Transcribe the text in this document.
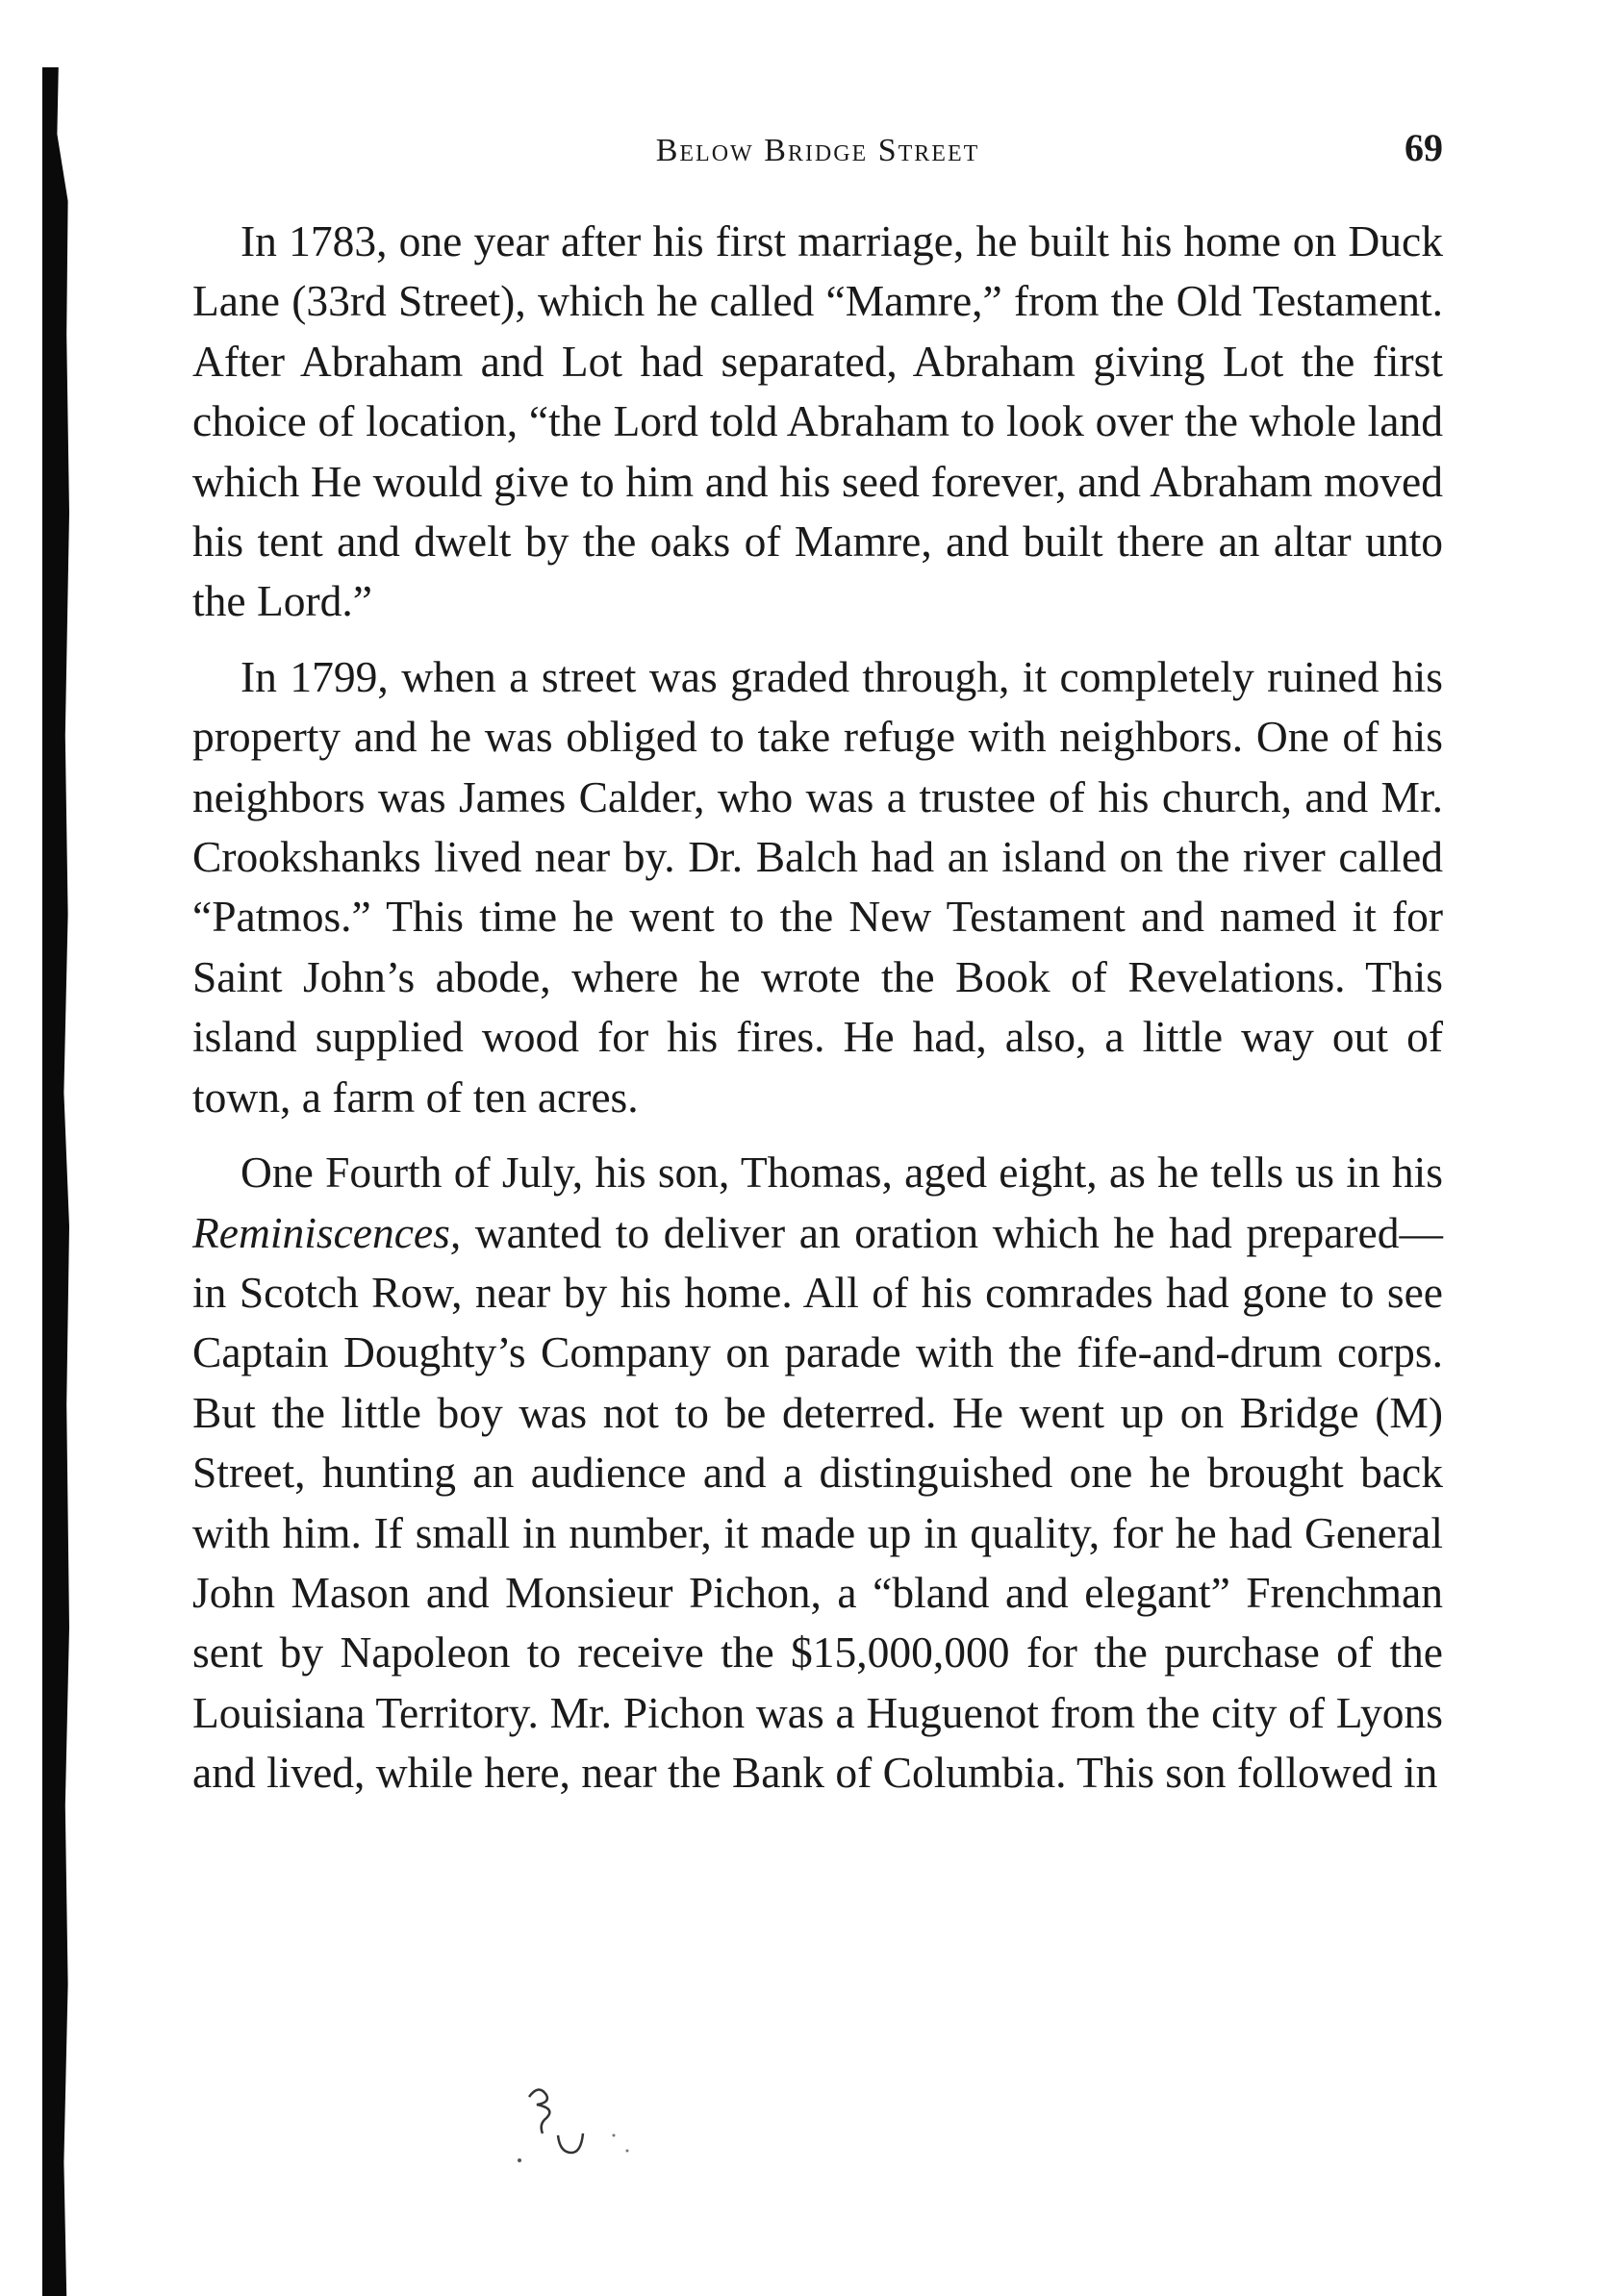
Below Bridge Street	69

In 1783, one year after his first marriage, he built his home on Duck Lane (33rd Street), which he called “Mamre,” from the Old Testament. After Abraham and Lot had separated, Abraham giving Lot the first choice of location, “the Lord told Abraham to look over the whole land which He would give to him and his seed forever, and Abraham moved his tent and dwelt by the oaks of Mamre, and built there an altar unto the Lord.”

In 1799, when a street was graded through, it completely ruined his property and he was obliged to take refuge with neighbors. One of his neighbors was James Calder, who was a trustee of his church, and Mr. Crookshanks lived near by. Dr. Balch had an island on the river called “Patmos.” This time he went to the New Testament and named it for Saint John’s abode, where he wrote the Book of Revelations. This island supplied wood for his fires. He had, also, a little way out of town, a farm of ten acres.

One Fourth of July, his son, Thomas, aged eight, as he tells us in his Reminiscences, wanted to deliver an oration which he had prepared—in Scotch Row, near by his home. All of his comrades had gone to see Captain Doughty’s Company on parade with the fife-and-drum corps. But the little boy was not to be deterred. He went up on Bridge (M) Street, hunting an audience and a distinguished one he brought back with him. If small in number, it made up in quality, for he had General John Mason and Monsieur Pichon, a “bland and elegant” Frenchman sent by Napoleon to receive the $15,000,000 for the purchase of the Louisiana Territory. Mr. Pichon was a Huguenot from the city of Lyons and lived, while here, near the Bank of Columbia. This son followed in
